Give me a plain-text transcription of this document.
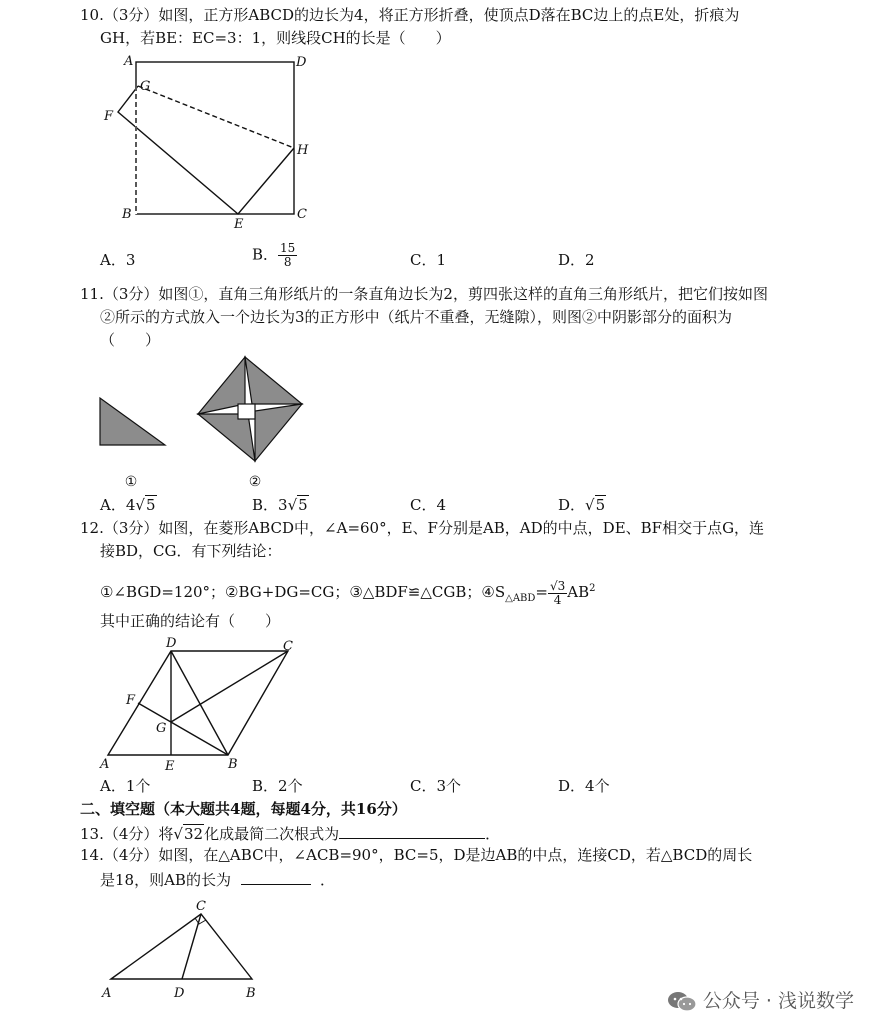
10.（3分）如图，正方形ABCD的边长为4，将正方形折叠，使顶点D落在BC边上的点E处，折痕为
GH，若BE：EC=3：1，则线段CH的长是（　　）
A	D
G
F
H
B
E
C
A．3	B． $\frac{15}{8}$	C．1	D．2
11.（3分）如图①，直角三角形纸片的一条直角边长为2，剪四张这样的直角三角形纸片，把它们按如图
②所示的方式放入一个边长为3的正方形中（纸片不重叠，无缝隙），则图②中阴影部分的面积为
（　　）
①	②
A．4√5	B．3√5	C．4	D．√5
12.（3分）如图，在菱形ABCD中，∠A=60°，E、F分别是AB，AD的中点，DE、BF相交于点G，连
接BD，CG．有下列结论：
①∠BGD=120°；②BG+DG=CG；③△BDF≌△CGB；$④S_{\triangle ABD}= \frac{√3}{4} AB^2$
其中正确的结论有（　　）
D	C
F
G
A	E	B
A．1个	B．2个	C．3个	D．4个
二、填空题（本大题共4题，每题4分，共16分）
13.（4分）将√32化成最简二次根式为	．
14.（4分）如图，在△ABC中，∠ACB=90°，BC=5，D是边AB的中点，连接CD，若△BCD的周长
是18，则AB的长为	．
C
A	D	B	公众号 · 浅说数学
